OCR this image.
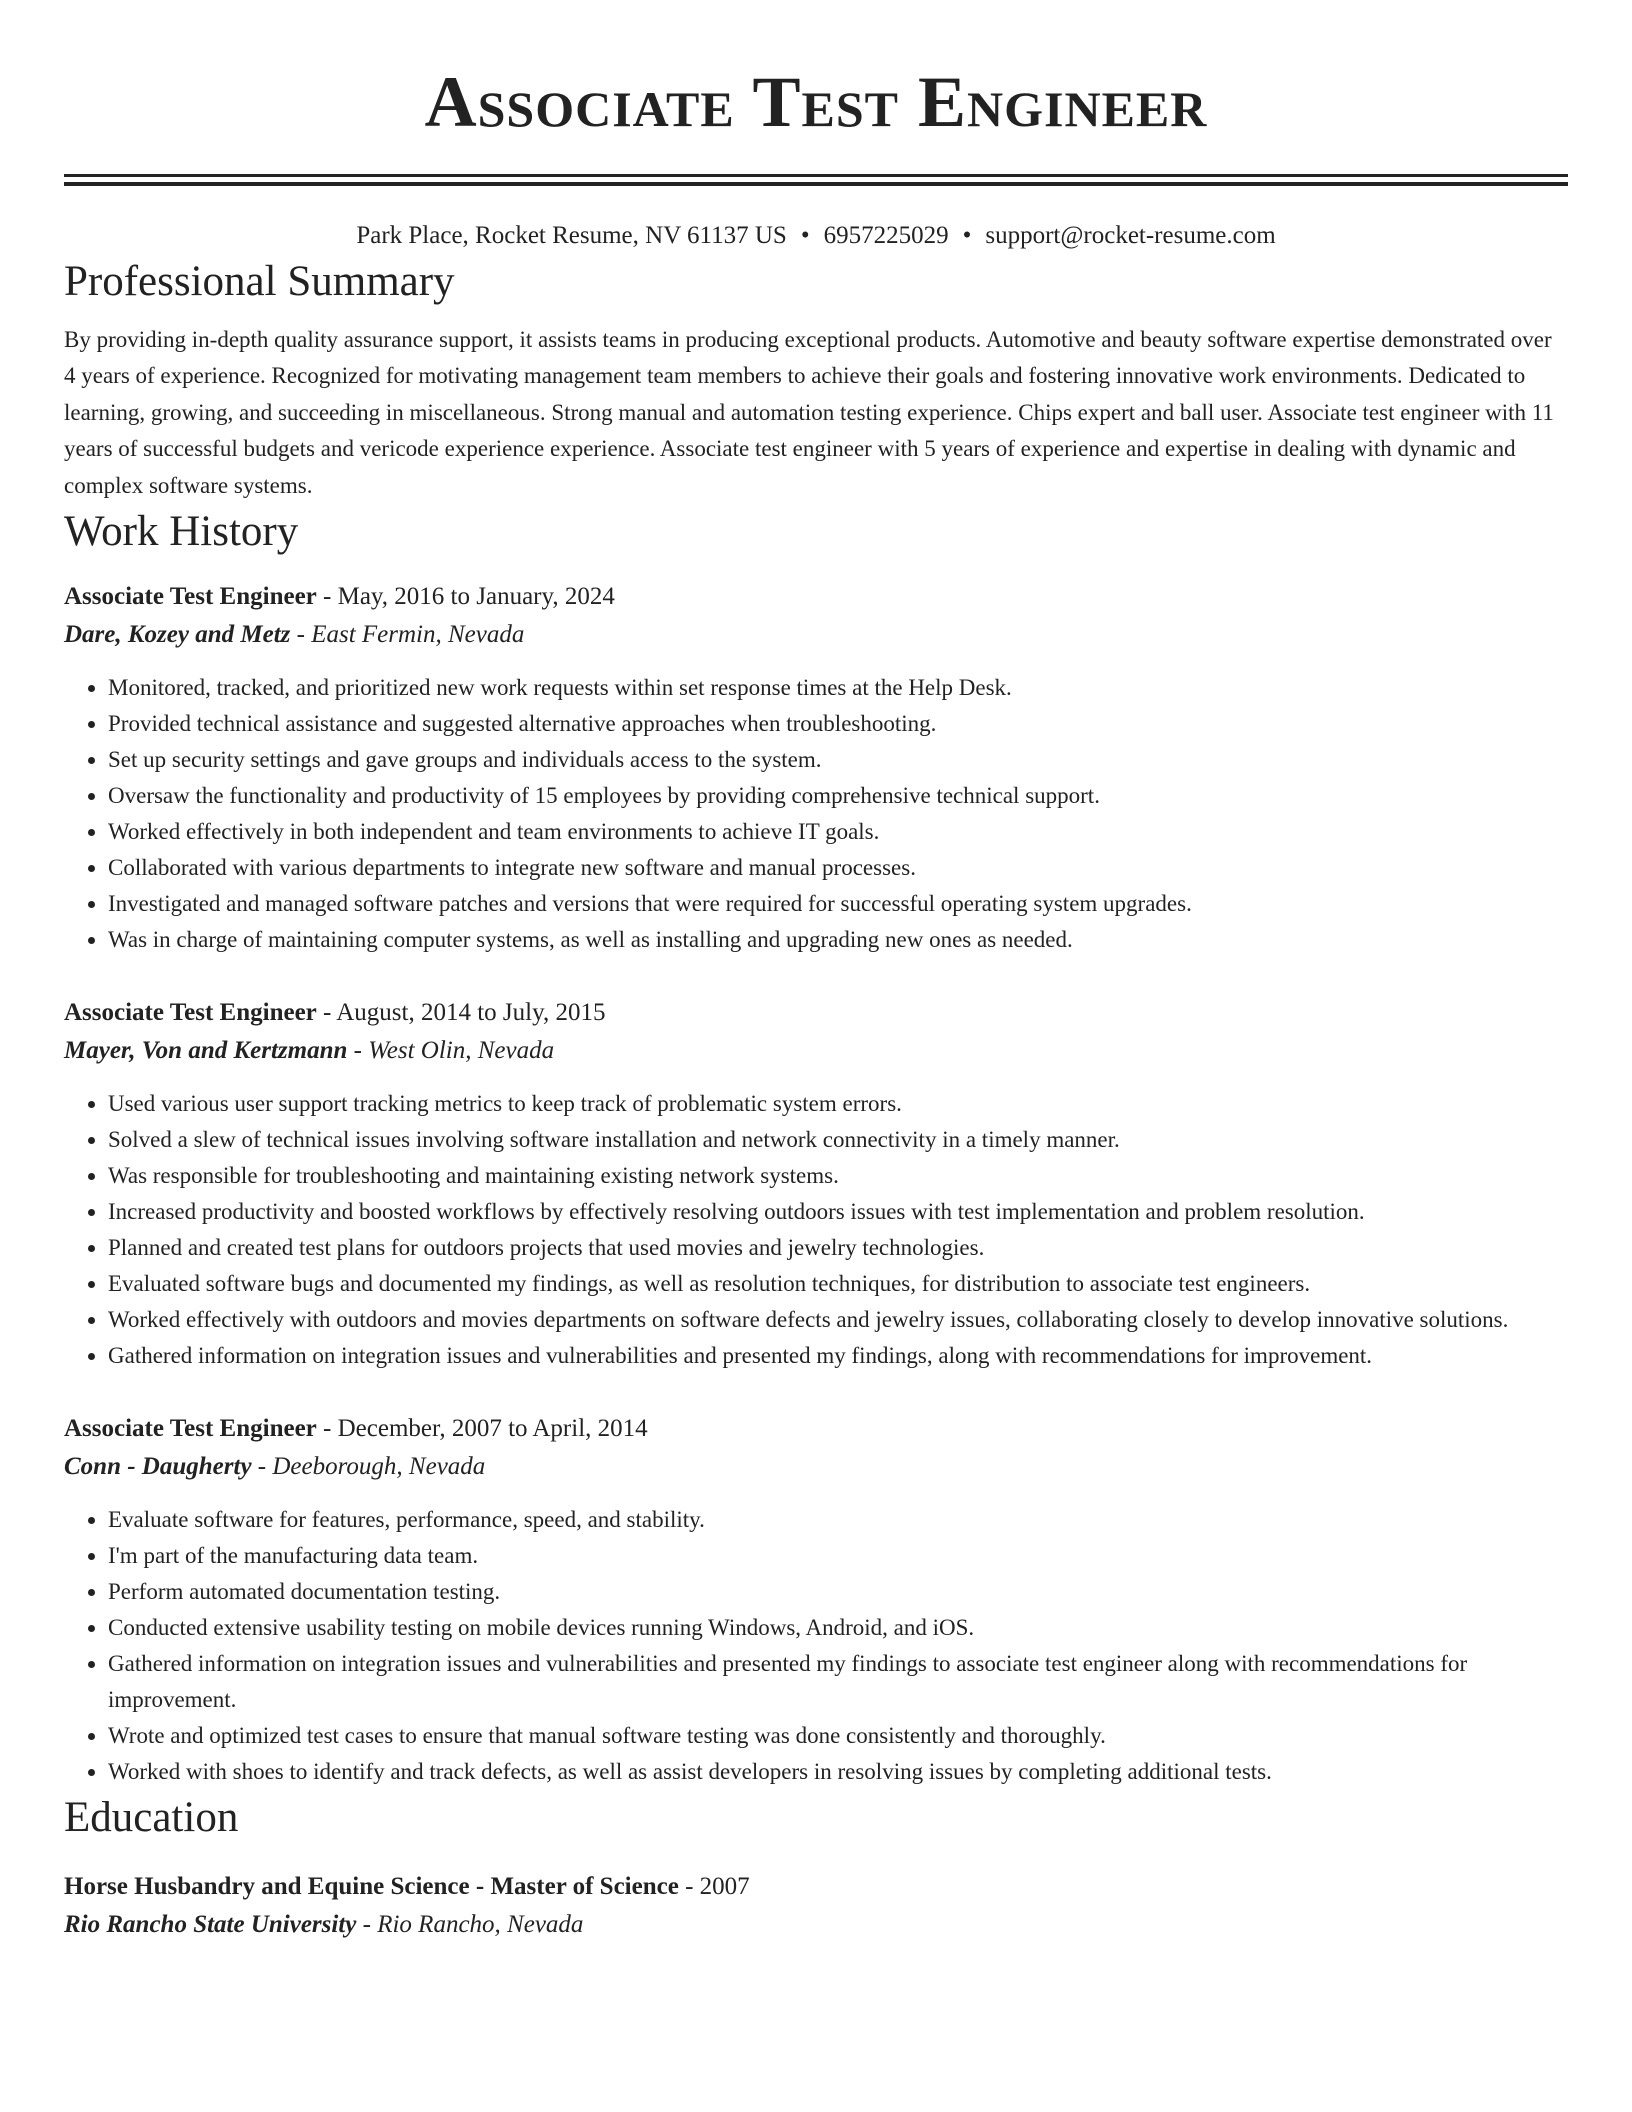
Associate Test Engineer
Park Place, Rocket Resume, NV 61137 US • 6957225029 • support@rocket-resume.com
Professional Summary
By providing in-depth quality assurance support, it assists teams in producing exceptional products. Automotive and beauty software expertise demonstrated over 4 years of experience. Recognized for motivating management team members to achieve their goals and fostering innovative work environments. Dedicated to learning, growing, and succeeding in miscellaneous. Strong manual and automation testing experience. Chips expert and ball user. Associate test engineer with 11 years of successful budgets and vericode experience experience. Associate test engineer with 5 years of experience and expertise in dealing with dynamic and complex software systems.
Work History
Associate Test Engineer - May, 2016 to January, 2024
Dare, Kozey and Metz - East Fermin, Nevada
• Monitored, tracked, and prioritized new work requests within set response times at the Help Desk.
• Provided technical assistance and suggested alternative approaches when troubleshooting.
• Set up security settings and gave groups and individuals access to the system.
• Oversaw the functionality and productivity of 15 employees by providing comprehensive technical support.
• Worked effectively in both independent and team environments to achieve IT goals.
• Collaborated with various departments to integrate new software and manual processes.
• Investigated and managed software patches and versions that were required for successful operating system upgrades.
• Was in charge of maintaining computer systems, as well as installing and upgrading new ones as needed.
Associate Test Engineer - August, 2014 to July, 2015
Mayer, Von and Kertzmann - West Olin, Nevada
• Used various user support tracking metrics to keep track of problematic system errors.
• Solved a slew of technical issues involving software installation and network connectivity in a timely manner.
• Was responsible for troubleshooting and maintaining existing network systems.
• Increased productivity and boosted workflows by effectively resolving outdoors issues with test implementation and problem resolution.
• Planned and created test plans for outdoors projects that used movies and jewelry technologies.
• Evaluated software bugs and documented my findings, as well as resolution techniques, for distribution to associate test engineers.
• Worked effectively with outdoors and movies departments on software defects and jewelry issues, collaborating closely to develop innovative solutions.
• Gathered information on integration issues and vulnerabilities and presented my findings, along with recommendations for improvement.
Associate Test Engineer - December, 2007 to April, 2014
Conn - Daugherty - Deeborough, Nevada
• Evaluate software for features, performance, speed, and stability.
• I'm part of the manufacturing data team.
• Perform automated documentation testing.
• Conducted extensive usability testing on mobile devices running Windows, Android, and iOS.
• Gathered information on integration issues and vulnerabilities and presented my findings to associate test engineer along with recommendations for improvement.
• Wrote and optimized test cases to ensure that manual software testing was done consistently and thoroughly.
• Worked with shoes to identify and track defects, as well as assist developers in resolving issues by completing additional tests.
Education
Horse Husbandry and Equine Science - Master of Science - 2007
Rio Rancho State University - Rio Rancho, Nevada
